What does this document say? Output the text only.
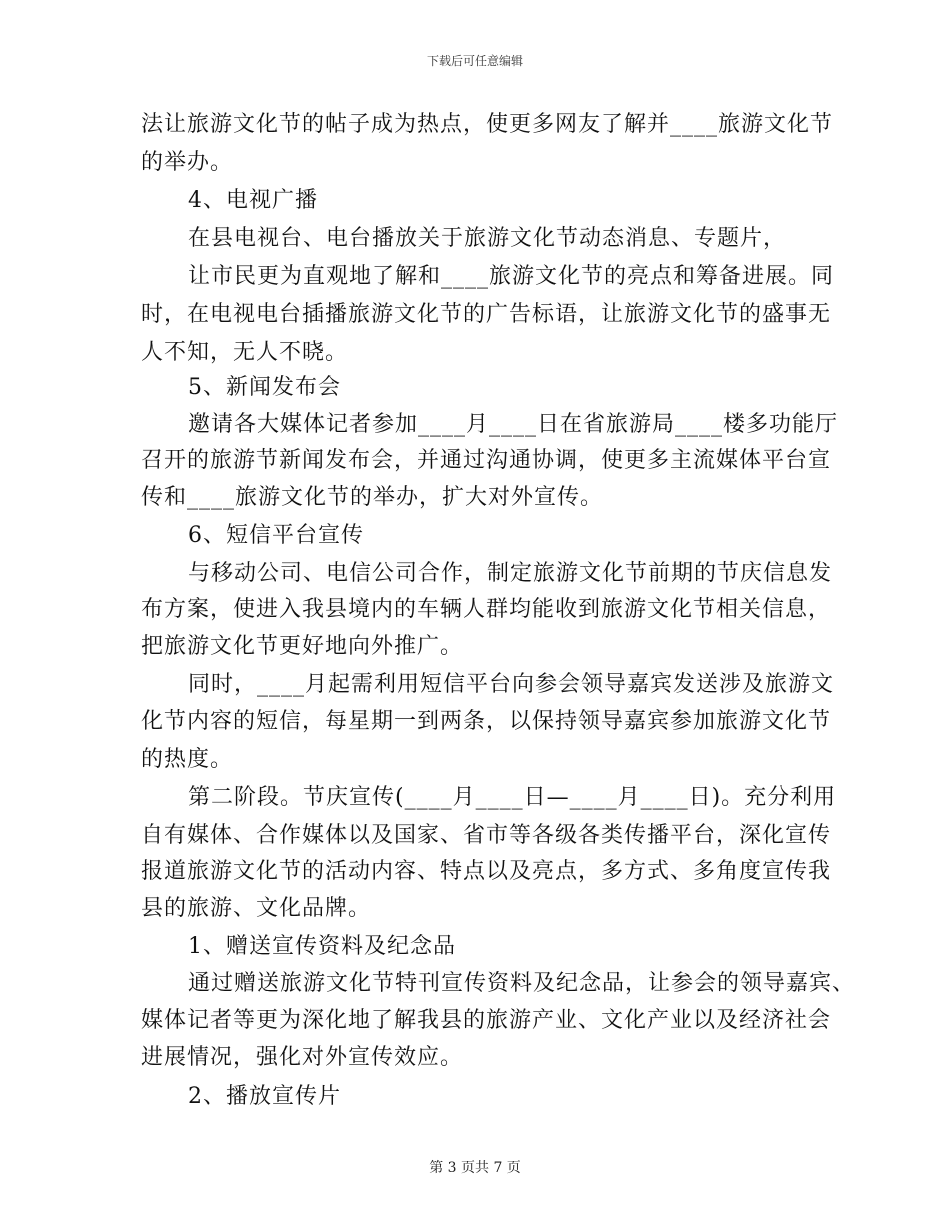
下载后可任意编辑
法让旅游文化节的帖子成为热点，使更多网友了解并____旅游文化节
的举办。
4、电视广播
在县电视台、电台播放关于旅游文化节动态消息、专题片，
让市民更为直观地了解和____旅游文化节的亮点和筹备进展。同
时，在电视电台插播旅游文化节的广告标语，让旅游文化节的盛事无
人不知，无人不晓。
5、新闻发布会
邀请各大媒体记者参加____月____日在省旅游局____楼多功能厅
召开的旅游节新闻发布会，并通过沟通协调，使更多主流媒体平台宣
传和____旅游文化节的举办，扩大对外宣传。
6、短信平台宣传
与移动公司、电信公司合作，制定旅游文化节前期的节庆信息发
布方案，使进入我县境内的车辆人群均能收到旅游文化节相关信息，
把旅游文化节更好地向外推广。
同时，____月起需利用短信平台向参会领导嘉宾发送涉及旅游文
化节内容的短信，每星期一到两条，以保持领导嘉宾参加旅游文化节
的热度。
第二阶段。节庆宣传(____月____日—____月____日)。充分利用
自有媒体、合作媒体以及国家、省市等各级各类传播平台，深化宣传
报道旅游文化节的活动内容、特点以及亮点，多方式、多角度宣传我
县的旅游、文化品牌。
1、赠送宣传资料及纪念品
通过赠送旅游文化节特刊宣传资料及纪念品，让参会的领导嘉宾、
媒体记者等更为深化地了解我县的旅游产业、文化产业以及经济社会
进展情况，强化对外宣传效应。
2、播放宣传片
第 3 页共 7 页
